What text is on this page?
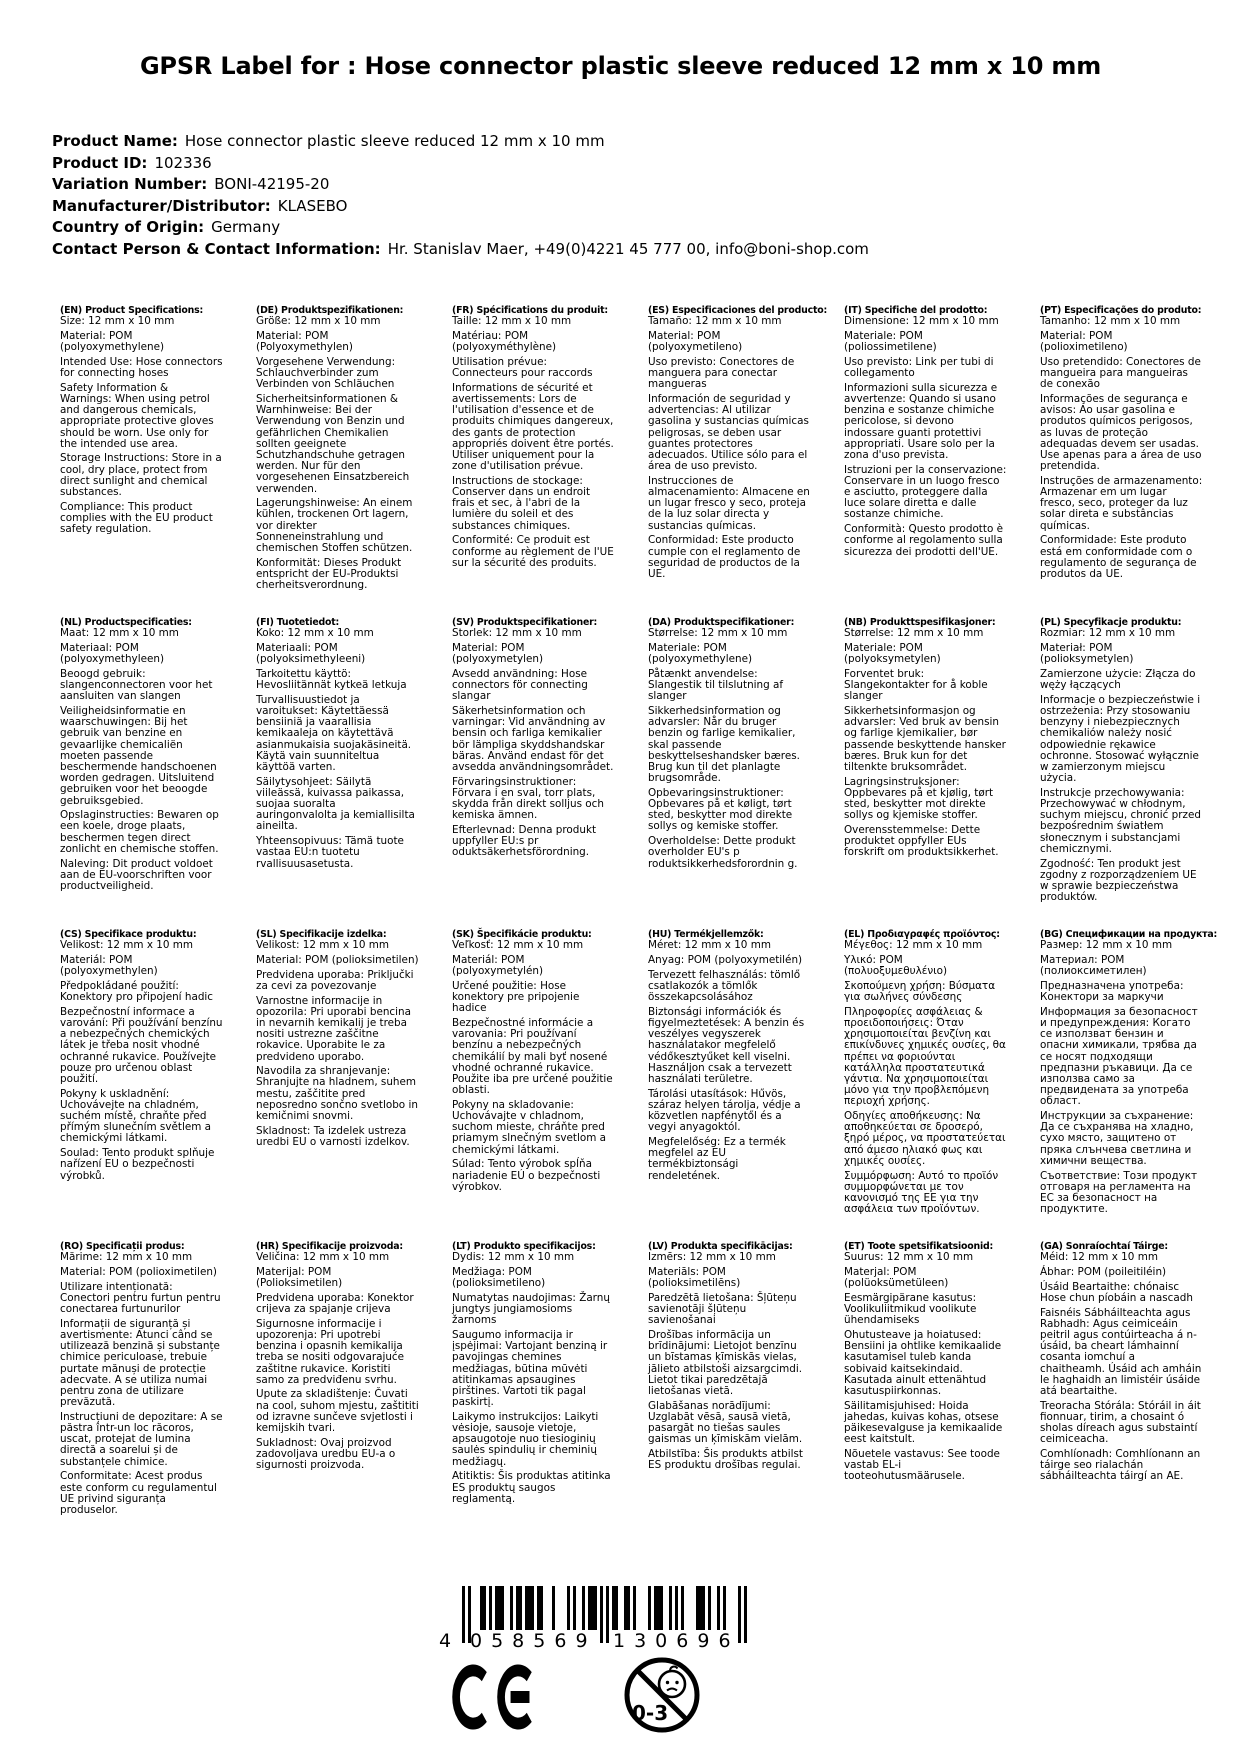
GPSR Label for : Hose connector plastic sleeve reduced 12 mm x 10 mm
Product Name: Hose connector plastic sleeve reduced 12 mm x 10 mm
Product ID: 102336
Variation Number: BONI-42195-20
Manufacturer/Distributor: KLASEBO
Country of Origin: Germany
Contact Person & Contact Information: Hr. Stanislav Maer, +49(0)4221 45 777 00, info@boni-shop.com
(EN) Product Specifications:

Size: 12 mm x 10 mm

Material: POM (polyoxymethylene)

Intended Use: Hose connectors for connecting hoses

Safety Information & Warnings: When using petrol and dangerous chemicals, appropriate protective gloves should be worn. Use only for the intended use area.

Storage Instructions: Store in a cool, dry place, protect from direct sunlight and chemical substances.

Compliance: This product complies with the EU product safety regulation.

(DE) Produktspezifikationen:

Größe: 12 mm x 10 mm

Material: POM (Polyoxymethylen)

Vorgesehene Verwendung: Schlauchverbinder zum Verbinden von Schläuchen

Sicherheitsinformationen & Warnhinweise: Bei der Verwendung von Benzin und gefährlichen Chemikalien sollten geeignete Schutzhandschuhe getragen werden. Nur für den vorgesehenen Einsatzbereich verwenden.

Lagerungshinweise: An einem kühlen, trockenen Ort lagern, vor direkter Sonneneinstrahlung und chemischen Stoffen schützen.

Konformität: Dieses Produkt entspricht der EU-Produktsi cherheitsverordnung.

(FR) Spécifications du produit:

Taille: 12 mm x 10 mm

Matériau: POM (polyoxyméthylène)

Utilisation prévue: Connecteurs pour raccords

Informations de sécurité et avertissements: Lors de l'utilisation d'essence et de produits chimiques dangereux, des gants de protection appropriés doivent être portés. Utiliser uniquement pour la zone d'utilisation prévue.

Instructions de stockage: Conserver dans un endroit frais et sec, à l'abri de la lumière du soleil et des substances chimiques.

Conformité: Ce produit est conforme au règlement de l'UE sur la sécurité des produits.

(ES) Especificaciones del producto:

Tamaño: 12 mm x 10 mm

Material: POM (polyoxymetileno)

Uso previsto: Conectores de manguera para conectar mangueras

Información de seguridad y advertencias: Al utilizar gasolina y sustancias químicas peligrosas, se deben usar guantes protectores adecuados. Utilice sólo para el área de uso previsto.

Instrucciones de almacenamiento: Almacene en un lugar fresco y seco, proteja de la luz solar directa y sustancias químicas.

Conformidad: Este producto cumple con el reglamento de seguridad de productos de la UE.

(IT) Specifiche del prodotto:

Dimensione: 12 mm x 10 mm

Materiale: POM (poliossimetilene)

Uso previsto: Link per tubi di collegamento

Informazioni sulla sicurezza e avvertenze: Quando si usano benzina e sostanze chimiche pericolose, si devono indossare guanti protettivi appropriati. Usare solo per la zona d'uso prevista.

Istruzioni per la conservazione: Conservare in un luogo fresco e asciutto, proteggere dalla luce solare diretta e dalle sostanze chimiche.

Conformità: Questo prodotto è conforme al regolamento sulla sicurezza dei prodotti dell'UE.

(PT) Especificações do produto:

Tamanho: 12 mm x 10 mm

Material: POM (polioximetileno)

Uso pretendido: Conectores de mangueira para mangueiras de conexão

Informações de segurança e avisos: Ao usar gasolina e produtos químicos perigosos, as luvas de proteção adequadas devem ser usadas. Use apenas para a área de uso pretendida.

Instruções de armazenamento: Armazenar em um lugar fresco, seco, proteger da luz solar direta e substâncias químicas.

Conformidade: Este produto está em conformidade com o regulamento de segurança de produtos da UE.

(NL) Productspecificaties:

Maat: 12 mm x 10 mm

Materiaal: POM (polyoxymethyleen)

Beoogd gebruik: slangenconnectoren voor het aansluiten van slangen

Veiligheidsinformatie en waarschuwingen: Bij het gebruik van benzine en gevaarlijke chemicaliën moeten passende beschermende handschoenen worden gedragen. Uitsluitend gebruiken voor het beoogde gebruiksgebied.

Opslaginstructies: Bewaren op een koele, droge plaats, beschermen tegen direct zonlicht en chemische stoffen.

Naleving: Dit product voldoet aan de EU-voorschriften voor productveiligheid.

(FI) Tuotetiedot:

Koko: 12 mm x 10 mm

Materiaali: POM (polyoksimethyleeni)

Tarkoitettu käyttö: Hevosliitännät kytkeä letkuja

Turvallisuustiedot ja varoitukset: Käytettäessä bensiiniä ja vaarallisia kemikaaleja on käytettävä asianmukaisia suojakäsineitä. Käytä vain suunniteltua käyttöä varten.

Säilytysohjeet: Säilytä viileässä, kuivassa paikassa, suojaa suoralta auringonvalolta ja kemiallisilta aineilta.

Yhteensopivuus: Tämä tuote vastaa EU:n tuotetu rvallisuusasetusta.

(SV) Produktspecifikationer:

Storlek: 12 mm x 10 mm

Material: POM (polyoxymetylen)

Avsedd användning: Hose connectors för connecting slangar

Säkerhetsinformation och varningar: Vid användning av bensin och farliga kemikalier bör lämpliga skyddshandskar bäras. Använd endast för det avsedda användningsområdet.

Förvaringsinstruktioner: Förvara i en sval, torr plats, skydda från direkt solljus och kemiska ämnen.

Efterlevnad: Denna produkt uppfyller EU:s pr oduktsäkerhetsförordning.

(DA) Produktspecifikationer:

Størrelse: 12 mm x 10 mm

Materiale: POM (polyoxymethylene)

Påtænkt anvendelse: Slangestik til tilslutning af slanger

Sikkerhedsinformation og advarsler: Når du bruger benzin og farlige kemikalier, skal passende beskyttelseshandsker bæres. Brug kun til det planlagte brugsområde.

Opbevaringsinstruktioner: Opbevares på et køligt, tørt sted, beskytter mod direkte sollys og kemiske stoffer.

Overholdelse: Dette produkt overholder EU's p roduktsikkerhedsforordnin g.

(NB) Produkttspesifikasjoner:

Størrelse: 12 mm x 10 mm

Materiale: POM (polyoksymetylen)

Forventet bruk: Slangekontakter for å koble slanger

Sikkerhetsinformasjon og advarsler: Ved bruk av bensin og farlige kjemikalier, bør passende beskyttende hansker bæres. Bruk kun for det tiltenkte bruksområdet.

Lagringsinstruksjoner: Oppbevares på et kjølig, tørt sted, beskytter mot direkte sollys og kjemiske stoffer.

Overensstemmelse: Dette produktet oppfyller EUs forskrift om produktsikkerhet.

(PL) Specyfikacje produktu:

Rozmiar: 12 mm x 10 mm

Materiał: POM (polioksymetylen)

Zamierzone użycie: Złącza do węży łączących

Informacje o bezpieczeństwie i ostrzeżenia: Przy stosowaniu benzyny i niebezpiecznych chemikaliów należy nosić odpowiednie rękawice ochronne. Stosować wyłącznie w zamierzonym miejscu użycia.

Instrukcje przechowywania: Przechowywać w chłodnym, suchym miejscu, chronić przed bezpośrednim światłem słonecznym i substancjami chemicznymi.

Zgodność: Ten produkt jest zgodny z rozporządzeniem UE w sprawie bezpieczeństwa produktów.

(CS) Specifikace produktu:

Velikost: 12 mm x 10 mm

Materiál: POM (polyoxymethylen)

Předpokládané použití: Konektory pro připojení hadic

Bezpečnostní informace a varování: Při používání benzínu a nebezpečných chemických látek je třeba nosit vhodné ochranné rukavice. Používejte pouze pro určenou oblast použití.

Pokyny k uskladnění: Uchovávejte na chladném, suchém místě, chraňte před přímým slunečním světlem a chemickými látkami.

Soulad: Tento produkt splňuje nařízení EU o bezpečnosti výrobků.

(SL) Specifikacije izdelka:

Velikost: 12 mm x 10 mm

Material: POM (polioksimetilen)

Predvidena uporaba: Priključki za cevi za povezovanje

Varnostne informacije in opozorila: Pri uporabi bencina in nevarnih kemikalij je treba nositi ustrezne zaščitne rokavice. Uporabite le za predvideno uporabo.

Navodila za shranjevanje: Shranjujte na hladnem, suhem mestu, zaščitite pred neposredno sončno svetlobo in kemičnimi snovmi.

Skladnost: Ta izdelek ustreza uredbi EU o varnosti izdelkov.

(SK) Špecifikácie produktu:

Veľkosť: 12 mm x 10 mm

Materiál: POM (polyoxymetylén)

Určené použitie: Hose konektory pre pripojenie hadice

Bezpečnostné informácie a varovania: Pri používaní benzínu a nebezpečných chemikálií by mali byť nosené vhodné ochranné rukavice. Použite iba pre určené použitie oblasti.

Pokyny na skladovanie: Uchovávajte v chladnom, suchom mieste, chráňte pred priamym slnečným svetlom a chemickými látkami.

Súlad: Tento výrobok spĺňa nariadenie EÚ o bezpečnosti výrobkov.

(HU) Termékjellemzők:

Méret: 12 mm x 10 mm

Anyag: POM (polyoxymetilén)

Tervezett felhasználás: tömlő csatlakozók a tömlők összekapcsolásához

Biztonsági információk és figyelmeztetések: A benzin és veszélyes vegyszerek használatakor megfelelő védőkesztyűket kell viselni. Használjon csak a tervezett használati területre.

Tárolási utasítások: Hűvös, száraz helyen tárolja, védje a közvetlen napfénytől és a vegyi anyagoktól.

Megfelelőség: Ez a termék megfelel az EU termékbiztonsági rendeletének.

(EL) Προδιαγραφές προϊόντος:

Μέγεθος: 12 mm x 10 mm

Υλικό: POM (πολυοξυμεθυλένιο)

Σκοπούμενη χρήση: Βύσματα για σωλήνες σύνδεσης

Πληροφορίες ασφάλειας & προειδοποιήσεις: Όταν χρησιμοποιείται βενζίνη και επικίνδυνες χημικές ουσίες, θα πρέπει να φοριούνται κατάλληλα προστατευτικά γάντια. Να χρησιμοποιείται μόνο για την προβλεπόμενη περιοχή χρήσης.

Οδηγίες αποθήκευσης: Να αποθηκεύεται σε δροσερό, ξηρό μέρος, να προστατεύεται από άμεσο ηλιακό φως και χημικές ουσίες.

Συμμόρφωση: Αυτό το προϊόν συμμορφώνεται με τον κανονισμό της ΕΕ για την ασφάλεια των προϊόντων.

(BG) Спецификации на продукта:

Размер: 12 mm x 10 mm

Материал: POM (полиоксиметилен)

Предназначена употреба: Конектори за маркучи

Информация за безопасност и предупреждения: Когато се използват бензин и опасни химикали, трябва да се носят подходящи предпазни ръкавици. Да се използва само за предвидената за употреба област.

Инструкции за съхранение: Да се съхранява на хладно, сухо място, защитено от пряка слънчева светлина и химични вещества.

Съответствие: Този продукт отговаря на регламента на ЕС за безопасност на продуктите.

(RO) Specificații produs:

Mărime: 12 mm x 10 mm

Material: POM (polioximetilen)

Utilizare intenționată: Conectori pentru furtun pentru conectarea furtunurilor

Informații de siguranță și avertismente: Atunci când se utilizează benzină și substanțe chimice periculoase, trebuie purtate mănuși de protecție adecvate. A se utiliza numai pentru zona de utilizare prevăzută.

Instrucțiuni de depozitare: A se păstra într-un loc răcoros, uscat, protejat de lumina directă a soarelui și de substanțele chimice.

Conformitate: Acest produs este conform cu regulamentul UE privind siguranța produselor.

(HR) Specifikacije proizvoda:

Veličina: 12 mm x 10 mm

Materijal: POM (Polioksimetilen)

Predvidena uporaba: Konektor crijeva za spajanje crijeva

Sigurnosne informacije i upozorenja: Pri upotrebi benzina i opasnih kemikalija treba se nositi odgovarajuće zaštitne rukavice. Koristiti samo za predviđenu svrhu.

Upute za skladištenje: Čuvati na cool, suhom mjestu, zaštititi od izravne sunčeve svjetlosti i kemijskih tvari.

Sukladnost: Ovaj proizvod zadovoljava uredbu EU-a o sigurnosti proizvoda.

(LT) Produkto specifikacijos:

Dydis: 12 mm x 10 mm

Medžiaga: POM (polioksimetileno)

Numatytas naudojimas: Žarnų jungtys jungiamosioms žarnoms

Saugumo informacija ir įspėjimai: Vartojant benziną ir pavojingas chemines medžiagas, būtina mūvėti atitinkamas apsaugines pirštines. Vartoti tik pagal paskirtį.

Laikymo instrukcijos: Laikyti vėsioje, sausoje vietoje, apsaugotoje nuo tiesioginių saulės spindulių ir cheminių medžiagų.

Atitiktis: Šis produktas atitinka ES produktų saugos reglamentą.

(LV) Produkta specifikācijas:

Izmērs: 12 mm x 10 mm

Materiāls: POM (polioksimetilēns)

Paredzētā lietošana: Šļūteņu savienotāji šļūteņu savienošanai

Drošības informācija un brīdinājumi: Lietojot benzīnu un bīstamas ķīmiskās vielas, jālieto atbilstoši aizsargcimdi. Lietot tikai paredzētajā lietošanas vietā.

Glabāšanas norādījumi: Uzglabāt vēsā, sausā vietā, pasargāt no tiešas saules gaismas un ķīmiskām vielām.

Atbilstība: Šis produkts atbilst ES produktu drošības regulai.

(ET) Toote spetsifikatsioonid:

Suurus: 12 mm x 10 mm

Materjal: POM (polüoksümetüleen)

Eesmärgipärane kasutus: Voolikuliitmikud voolikute ühendamiseks

Ohutusteave ja hoiatused: Bensiini ja ohtlike kemikaalide kasutamisel tuleb kanda sobivaid kaitsekindaid. Kasutada ainult ettenähtud kasutuspiirkonnas.

Säilitamisjuhised: Hoida jahedas, kuivas kohas, otsese päikesevalguse ja kemikaalide eest kaitstult.

Nõuetele vastavus: See toode vastab EL-i tooteohutusmäärusele.

(GA) Sonraíochtaí Táirge:

Méid: 12 mm x 10 mm

Ábhar: POM (poileitiléin)

Úsáid Beartaithe: chónaisc Hose chun píobáin a nascadh

Faisnéis Sábháilteachta agus Rabhadh: Agus ceimiceáin peitril agus contúirteacha á n-úsáid, ba cheart lámhainní cosanta iomchuí a chaitheamh. Úsáid ach amháin le haghaidh an limistéir úsáide atá beartaithe.

Treoracha Stórála: Stóráil in áit fionnuar, tirim, a chosaint ó sholas díreach agus substaintí ceimiceacha.

Comhlíonadh: Comhlíonann an táirge seo rialachán sábháilteachta táirgí an AE.

4 058569 130696
0-3
